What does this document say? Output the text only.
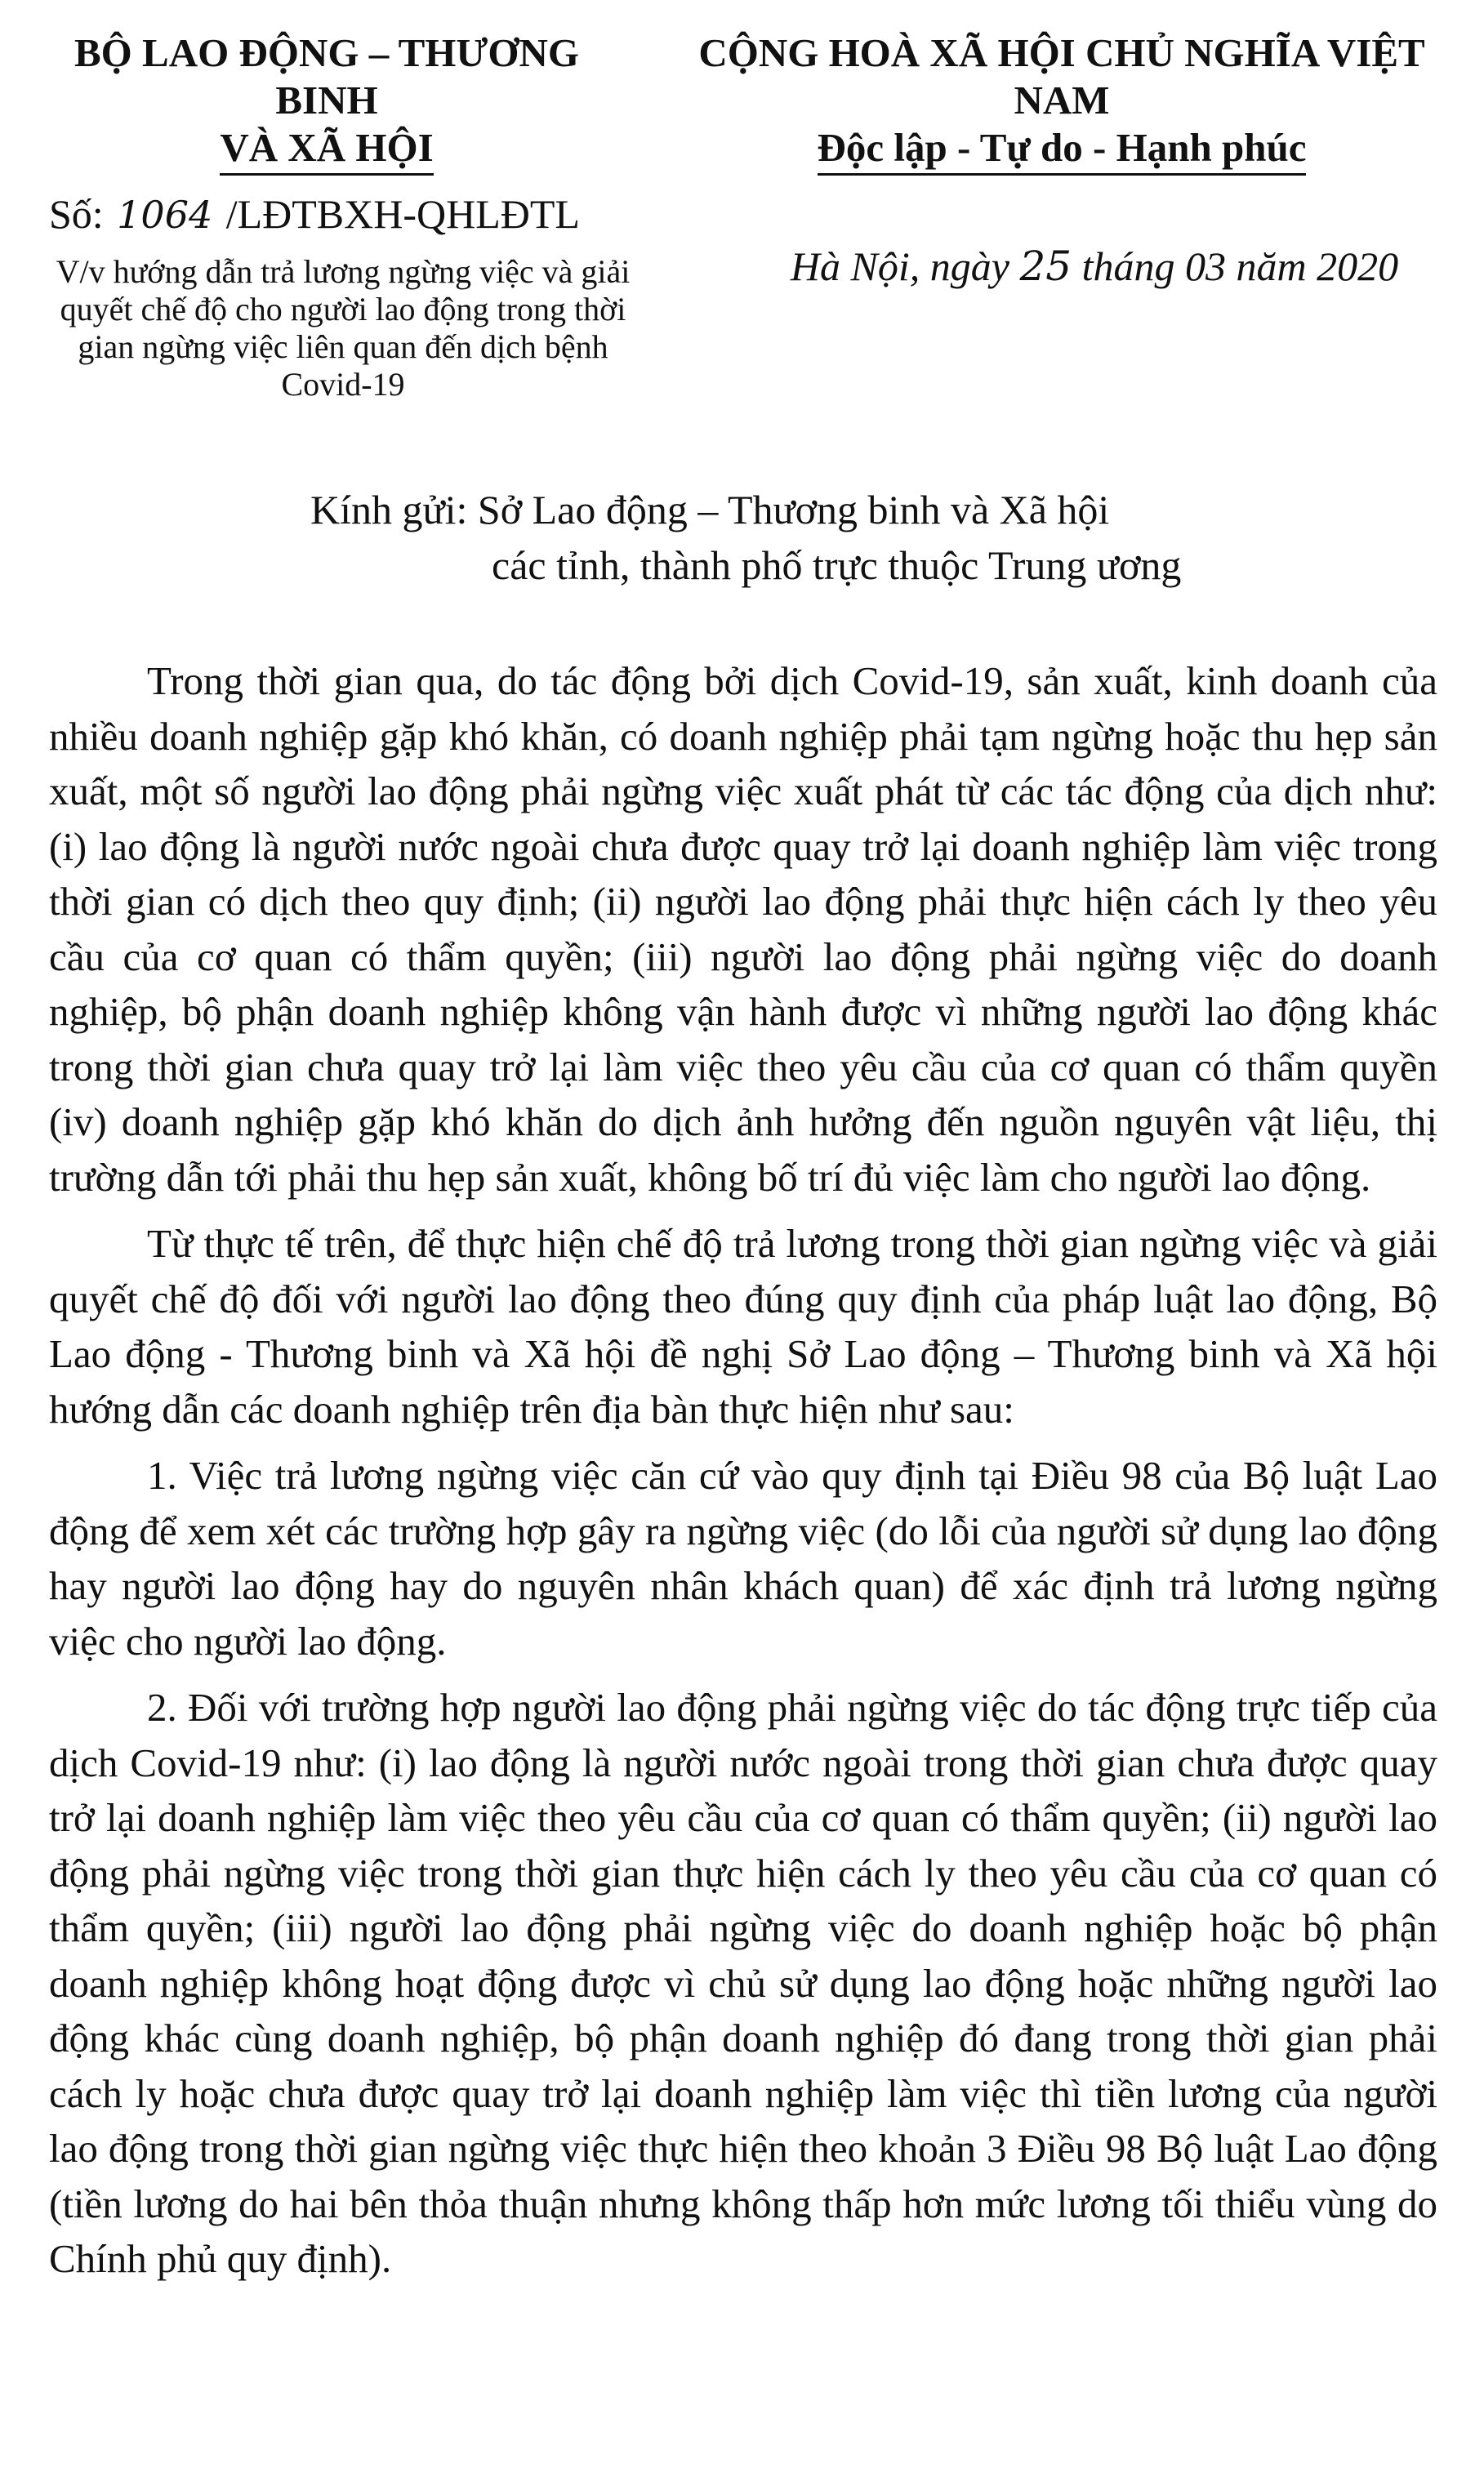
BỘ LAO ĐỘNG – THƯƠNG BINH
VÀ XÃ HỘI
CỘNG HOÀ XÃ HỘI CHỦ NGHĨA VIỆT NAM
Độc lập - Tự do - Hạnh phúc
Số: 1064 /LĐTBXH-QHLĐTL
V/v hướng dẫn trả lương ngừng việc và giải quyết chế độ cho người lao động trong thời gian ngừng việc liên quan đến dịch bệnh Covid-19
Hà Nội, ngày 25 tháng 03 năm 2020
Kính gửi: Sở Lao động – Thương binh và Xã hội
các tỉnh, thành phố trực thuộc Trung ương

Trong thời gian qua, do tác động bởi dịch Covid-19, sản xuất, kinh doanh của nhiều doanh nghiệp gặp khó khăn, có doanh nghiệp phải tạm ngừng hoặc thu hẹp sản xuất, một số người lao động phải ngừng việc xuất phát từ các tác động của dịch như: (i) lao động là người nước ngoài chưa được quay trở lại doanh nghiệp làm việc trong thời gian có dịch theo quy định; (ii) người lao động phải thực hiện cách ly theo yêu cầu của cơ quan có thẩm quyền; (iii) người lao động phải ngừng việc do doanh nghiệp, bộ phận doanh nghiệp không vận hành được vì những người lao động khác trong thời gian chưa quay trở lại làm việc theo yêu cầu của cơ quan có thẩm quyền (iv) doanh nghiệp gặp khó khăn do dịch ảnh hưởng đến nguồn nguyên vật liệu, thị trường dẫn tới phải thu hẹp sản xuất, không bố trí đủ việc làm cho người lao động.

Từ thực tế trên, để thực hiện chế độ trả lương trong thời gian ngừng việc và giải quyết chế độ đối với người lao động theo đúng quy định của pháp luật lao động, Bộ Lao động - Thương binh và Xã hội đề nghị Sở Lao động – Thương binh và Xã hội hướng dẫn các doanh nghiệp trên địa bàn thực hiện như sau:

1. Việc trả lương ngừng việc căn cứ vào quy định tại Điều 98 của Bộ luật Lao động để xem xét các trường hợp gây ra ngừng việc (do lỗi của người sử dụng lao động hay người lao động hay do nguyên nhân khách quan) để xác định trả lương ngừng việc cho người lao động.

2. Đối với trường hợp người lao động phải ngừng việc do tác động trực tiếp của dịch Covid-19 như: (i) lao động là người nước ngoài trong thời gian chưa được quay trở lại doanh nghiệp làm việc theo yêu cầu của cơ quan có thẩm quyền; (ii) người lao động phải ngừng việc trong thời gian thực hiện cách ly theo yêu cầu của cơ quan có thẩm quyền; (iii) người lao động phải ngừng việc do doanh nghiệp hoặc bộ phận doanh nghiệp không hoạt động được vì chủ sử dụng lao động hoặc những người lao động khác cùng doanh nghiệp, bộ phận doanh nghiệp đó đang trong thời gian phải cách ly hoặc chưa được quay trở lại doanh nghiệp làm việc thì tiền lương của người lao động trong thời gian ngừng việc thực hiện theo khoản 3 Điều 98 Bộ luật Lao động (tiền lương do hai bên thỏa thuận nhưng không thấp hơn mức lương tối thiểu vùng do Chính phủ quy định).
